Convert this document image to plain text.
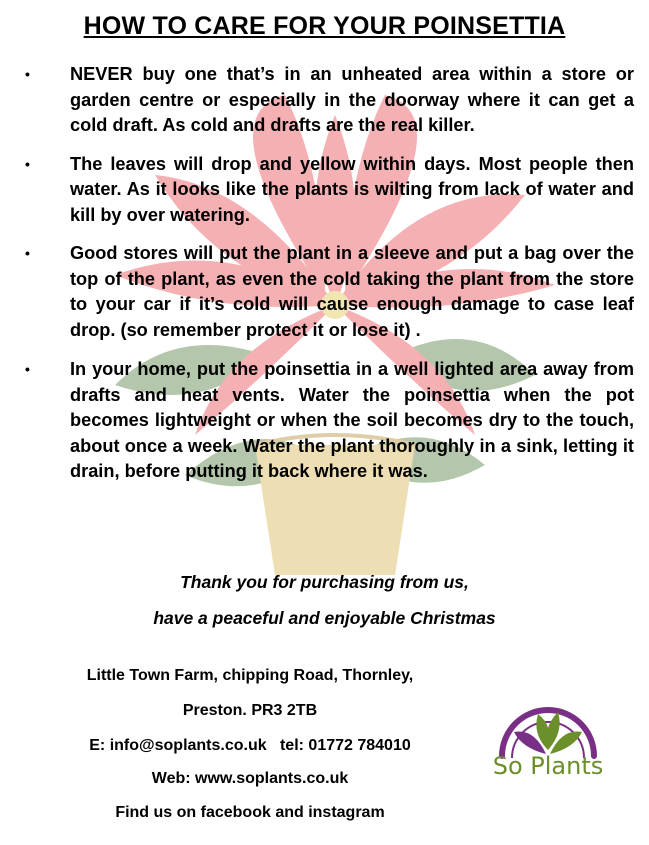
HOW TO CARE FOR YOUR POINSETTIA
• NEVER buy one that’s in an unheated area within a store or garden centre or especially in the doorway where it can get a cold draft. As cold and drafts are the real killer.
• The leaves will drop and yellow within days. Most people then water. As it looks like the plants is wilting from lack of water and kill by over watering.
• Good stores will put the plant in a sleeve and put a bag over the top of the plant, as even the cold taking the plant from the store to your car if it’s cold will cause enough damage to case leaf drop. (so remember protect it or lose it) .
• In your home, put the poinsettia in a well lighted area away from drafts and heat vents. Water the poinsettia when the pot becomes lightweight or when the soil becomes dry to the touch, about once a week. Water the plant thoroughly in a sink, letting it drain, before putting it back where it was.
Thank you for purchasing from us,
have a peaceful and enjoyable Christmas
Little Town Farm, chipping Road, Thornley,
Preston. PR3 2TB
E: info@soplants.co.uk   tel: 01772 784010
Web: www.soplants.co.uk
Find us on facebook and instagram
So Plants
